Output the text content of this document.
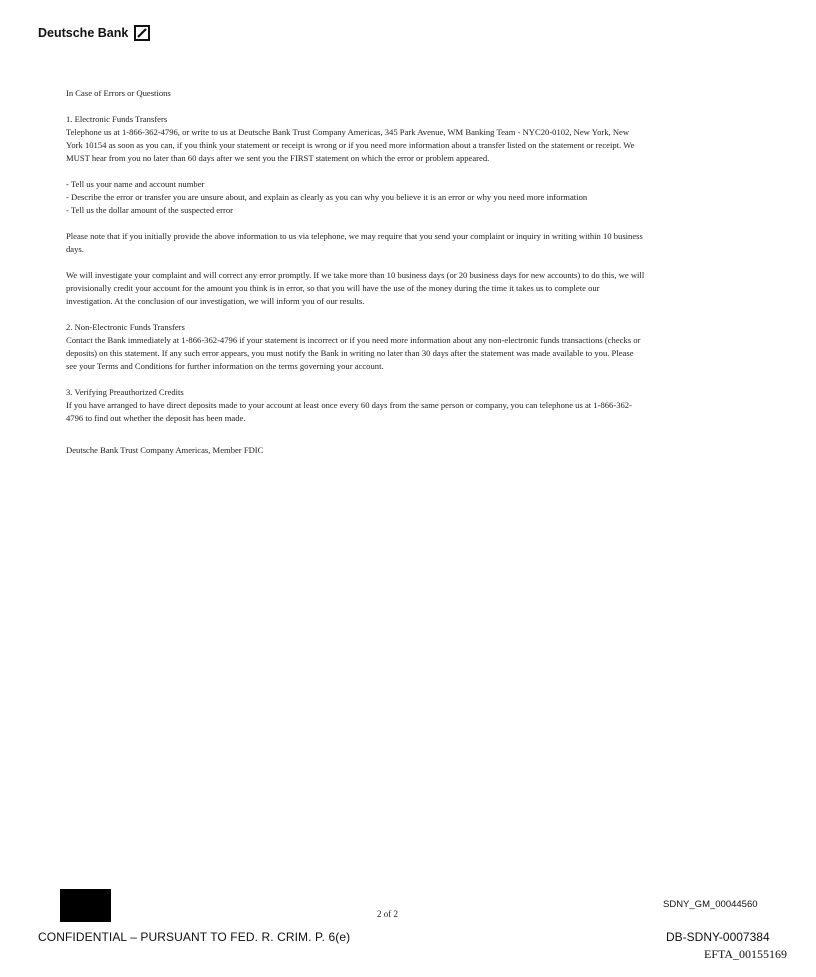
Deutsche Bank

In Case of Errors or Questions

1. Electronic Funds Transfers

Telephone us at 1-866-362-4796, or write to us at Deutsche Bank Trust Company Americas, 345 Park Avenue, WM Banking Team - NYC20-0102, New York, New York 10154 as soon as you can, if you think your statement or receipt is wrong or if you need more information about a transfer listed on the statement or receipt. We MUST hear from you no later than 60 days after we sent you the FIRST statement on which the error or problem appeared.

- Tell us your name and account number

- Describe the error or transfer you are unsure about, and explain as clearly as you can why you believe it is an error or why you need more information

- Tell us the dollar amount of the suspected error

Please note that if you initially provide the above information to us via telephone, we may require that you send your complaint or inquiry in writing within 10 business days.

We will investigate your complaint and will correct any error promptly. If we take more than 10 business days (or 20 business days for new accounts) to do this, we will provisionally credit your account for the amount you think is in error, so that you will have the use of the money during the time it takes us to complete our investigation. At the conclusion of our investigation, we will inform you of our results.

2. Non-Electronic Funds Transfers

Contact the Bank immediately at 1-866-362-4796 if your statement is incorrect or if you need more information about any non-electronic funds transactions (checks or deposits) on this statement. If any such error appears, you must notify the Bank in writing no later than 30 days after the statement was made available to you. Please see your Terms and Conditions for further information on the terms governing your account.

3. Verifying Preauthorized Credits

If you have arranged to have direct deposits made to your account at least once every 60 days from the same person or company, you can telephone us at 1-866-362-4796 to find out whether the deposit has been made.

Deutsche Bank Trust Company Americas, Member FDIC

2 of 2
SDNY_GM_00044560
CONFIDENTIAL – PURSUANT TO FED. R. CRIM. P. 6(e)	DB-SDNY-0007384
EFTA_00155169
